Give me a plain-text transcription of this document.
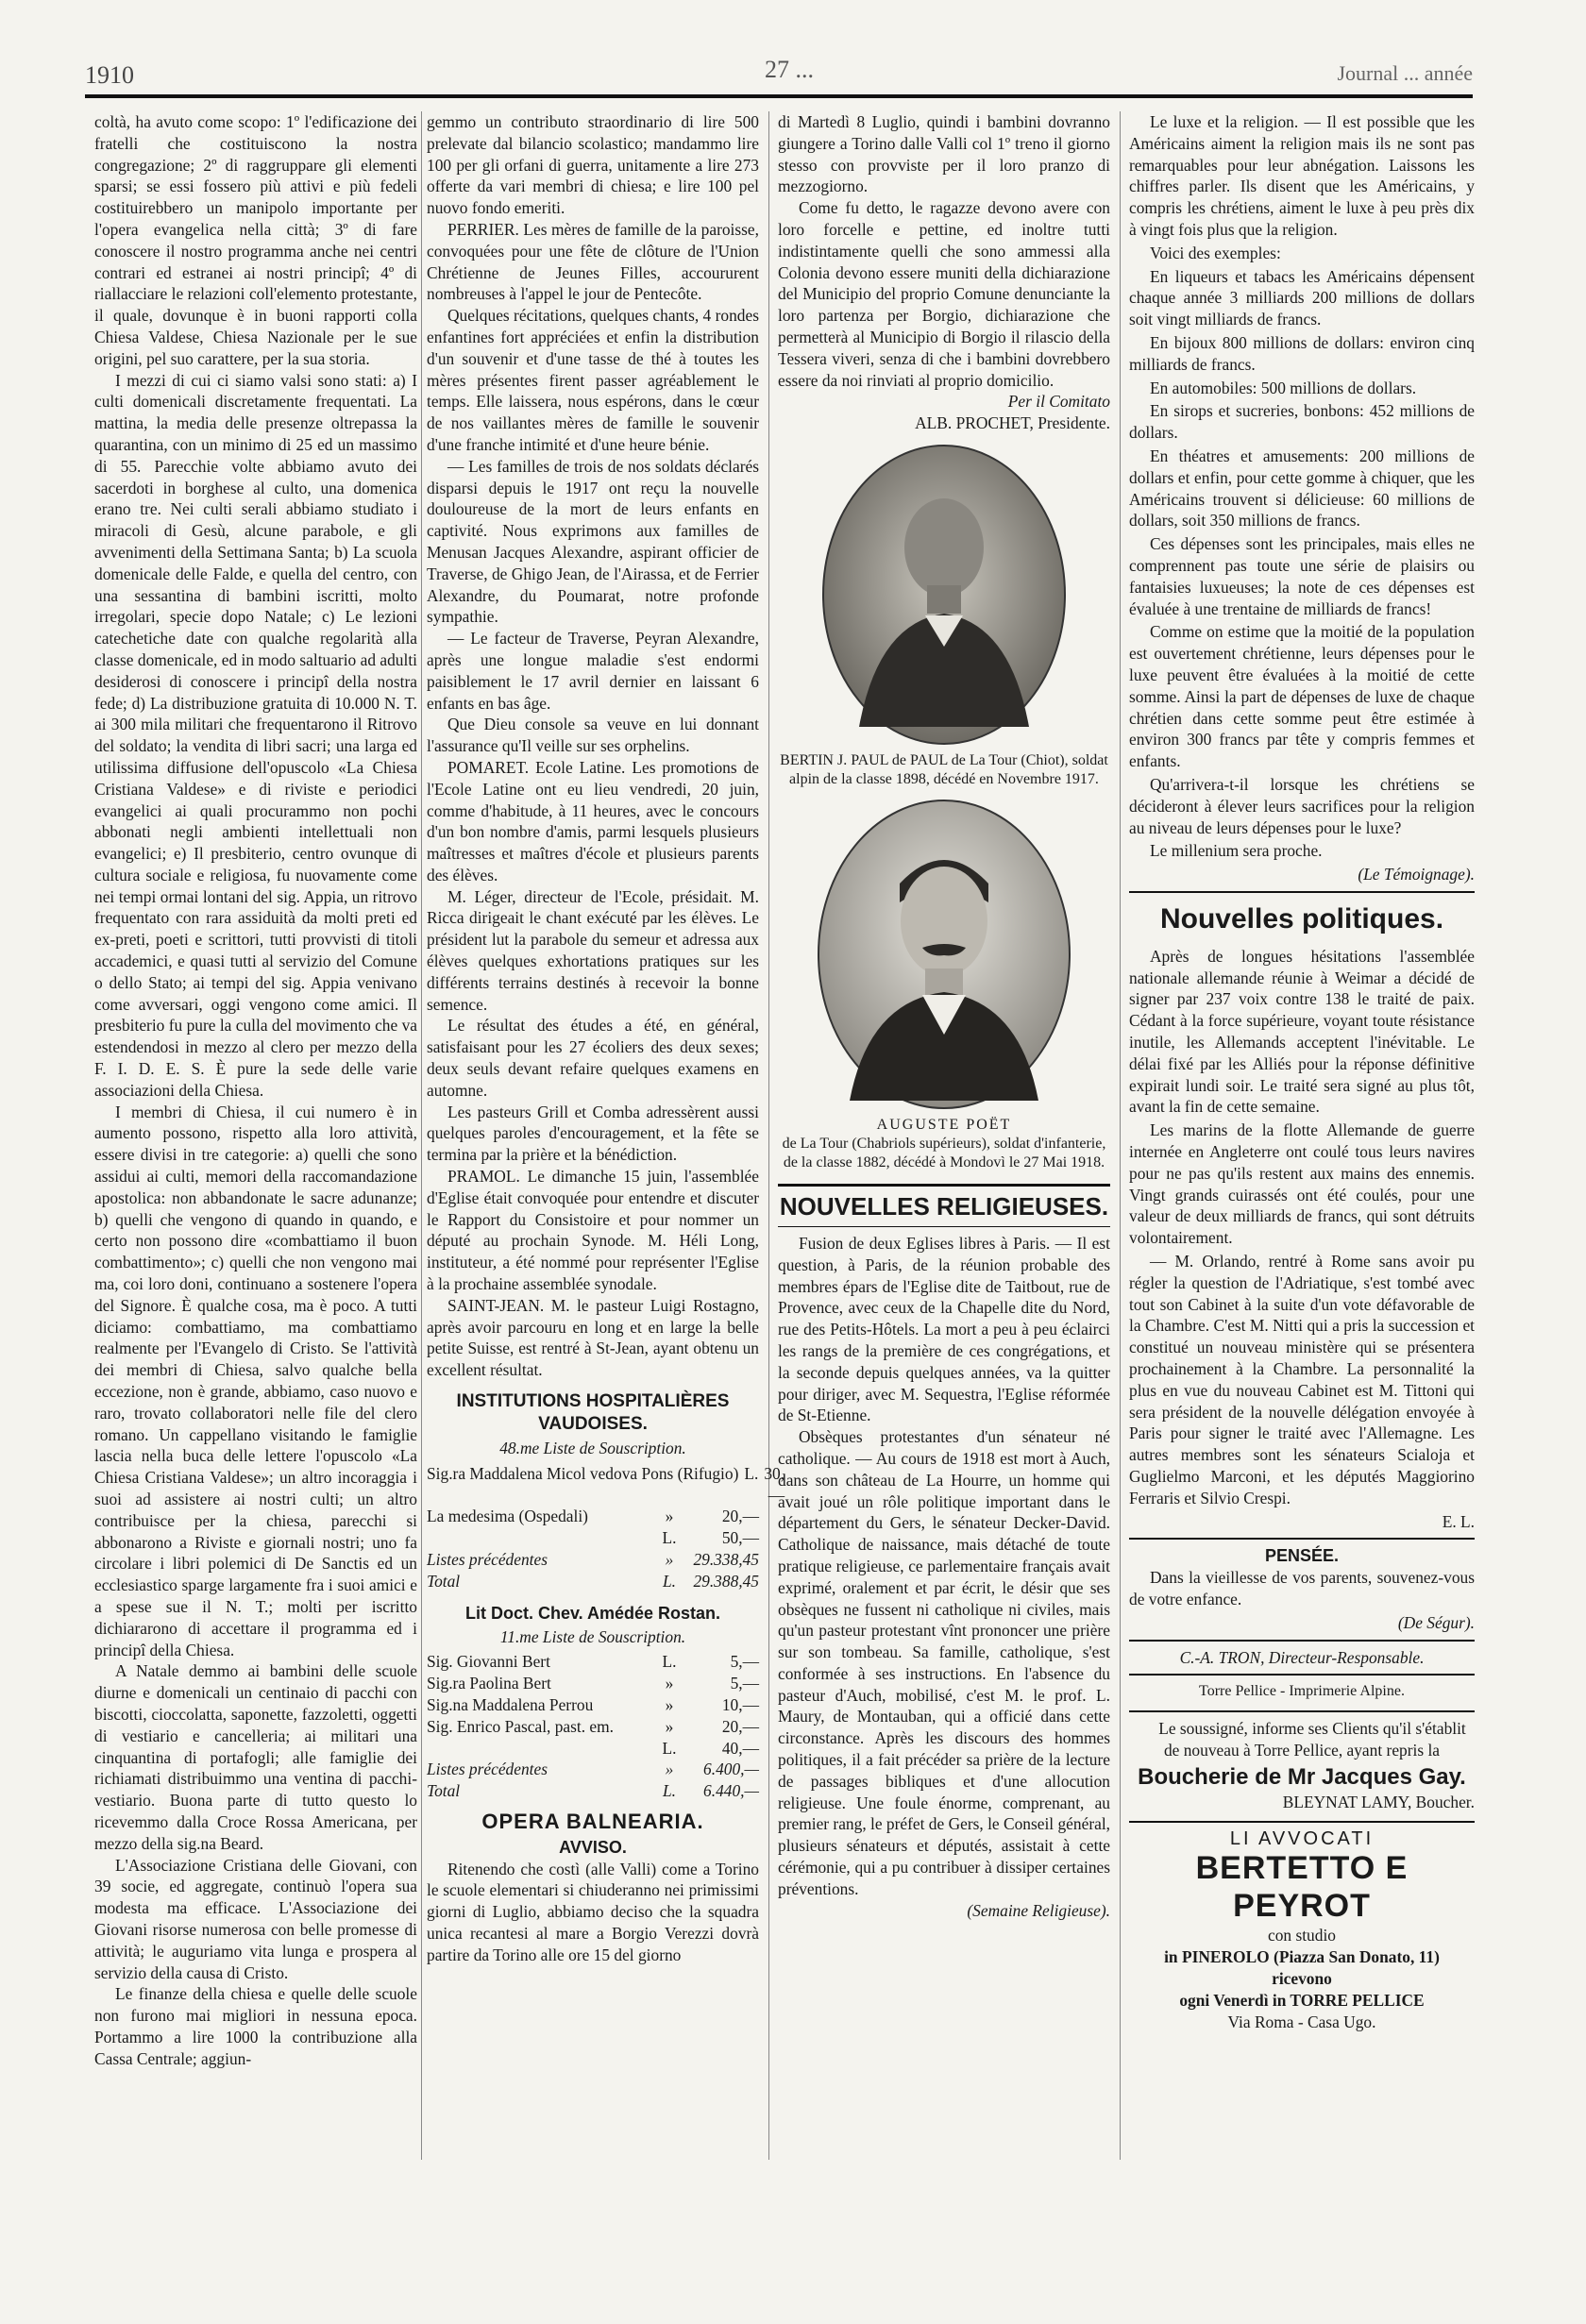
1910	27 ...	Journal ... année

coltà, ha avuto come scopo: 1º l'edificazione dei fratelli che costituiscono la nostra congregazione; 2º di raggruppare gli elementi sparsi; se essi fossero più attivi e più fedeli costituirebbero un manipolo importante per l'opera evangelica nella città; 3º di fare conoscere il nostro programma anche nei centri contrari ed estranei ai nostri principî; 4º di riallacciare le relazioni coll'elemento protestante, il quale, dovunque è in buoni rapporti colla Chiesa Valdese, Chiesa Nazionale per le sue origini, pel suo carattere, per la sua storia.

I mezzi di cui ci siamo valsi sono stati: a) I culti domenicali discretamente frequentati. La mattina, la media delle presenze oltrepassa la quarantina, con un minimo di 25 ed un massimo di 55. Parecchie volte abbiamo avuto dei sacerdoti in borghese al culto, una domenica erano tre. Nei culti serali abbiamo studiato i miracoli di Gesù, alcune parabole, e gli avvenimenti della Settimana Santa; b) La scuola domenicale delle Falde, e quella del centro, con una sessantina di bambini iscritti, molto irregolari, specie dopo Natale; c) Le lezioni catechetiche date con qualche regolarità alla classe domenicale, ed in modo saltuario ad adulti desiderosi di conoscere i principî della nostra fede; d) La distribuzione gratuita di 10.000 N. T. ai 300 mila militari che frequentarono il Ritrovo del soldato; la vendita di libri sacri; una larga ed utilissima diffusione dell'opuscolo «La Chiesa Cristiana Valdese» e di riviste e periodici evangelici ai quali procurammo non pochi abbonati negli ambienti intellettuali non evangelici; e) Il presbiterio, centro ovunque di cultura sociale e religiosa, fu nuovamente come nei tempi ormai lontani del sig. Appia, un ritrovo frequentato con rara assiduità da molti preti ed ex-preti, poeti e scrittori, tutti provvisti di titoli accademici, e quasi tutti al servizio del Comune o dello Stato; ai tempi del sig. Appia venivano come avversari, oggi vengono come amici. Il presbiterio fu pure la culla del movimento che va estendendosi in mezzo al clero per mezzo della F. I. D. E. S. È pure la sede delle varie associazioni della Chiesa.

I membri di Chiesa, il cui numero è in aumento possono, rispetto alla loro attività, essere divisi in tre categorie: a) quelli che sono assidui ai culti, memori della raccomandazione apostolica: non abbandonate le sacre adunanze; b) quelli che vengono di quando in quando, e certo non possono dire «combattiamo il buon combattimento»; c) quelli che non vengono mai ma, coi loro doni, continuano a sostenere l'opera del Signore. È qualche cosa, ma è poco. A tutti diciamo: combattiamo, ma combattiamo realmente per l'Evangelo di Cristo. Se l'attività dei membri di Chiesa, salvo qualche bella eccezione, non è grande, abbiamo, caso nuovo e raro, trovato collaboratori nelle file del clero romano. Un cappellano visitando le famiglie lascia nella buca delle lettere l'opuscolo «La Chiesa Cristiana Valdese»; un altro incoraggia i suoi ad assistere ai nostri culti; un altro contribuisce per la chiesa, parecchi si abbonarono a Riviste e giornali nostri; uno fa circolare i libri polemici di De Sanctis ed un ecclesiastico sparge largamente fra i suoi amici e a spese sue il N. T.; molti per iscritto dichiararono di accettare il programma ed i principî della Chiesa.

A Natale demmo ai bambini delle scuole diurne e domenicali un centinaio di pacchi con biscotti, cioccolatta, saponette, fazzoletti, oggetti di vestiario e cancelleria; ai militari una cinquantina di portafogli; alle famiglie dei richiamati distribuimmo una ventina di pacchi-vestiario. Buona parte di tutto questo lo ricevemmo dalla Croce Rossa Americana, per mezzo della sig.na Beard.

L'Associazione Cristiana delle Giovani, con 39 socie, ed aggregate, continuò l'opera sua modesta ma efficace. L'Associazione dei Giovani risorse numerosa con belle promesse di attività; le auguriamo vita lunga e prospera al servizio della causa di Cristo.

Le finanze della chiesa e quelle delle scuole non furono mai migliori in nessuna epoca. Portammo a lire 1000 la contribuzione alla Cassa Centrale; aggiun-

gemmo un contributo straordinario di lire 500 prelevate dal bilancio scolastico; mandammo lire 100 per gli orfani di guerra, unitamente a lire 273 offerte da vari membri di chiesa; e lire 100 pel nuovo fondo emeriti.

PERRIER. Les mères de famille de la paroisse, convoquées pour une fête de clôture de l'Union Chrétienne de Jeunes Filles, accoururent nombreuses à l'appel le jour de Pentecôte.

Quelques récitations, quelques chants, 4 rondes enfantines fort appréciées et enfin la distribution d'un souvenir et d'une tasse de thé à toutes les mères présentes firent passer agréablement le temps. Elle laissera, nous espérons, dans le cœur de nos vaillantes mères de famille le souvenir d'une franche intimité et d'une heure bénie.

— Les familles de trois de nos soldats déclarés disparsi depuis le 1917 ont reçu la nouvelle douloureuse de la mort de leurs enfants en captivité. Nous exprimons aux familles de Menusan Jacques Alexandre, aspirant officier de Traverse, de Ghigo Jean, de l'Airassa, et de Ferrier Alexandre, du Poumarat, notre profonde sympathie.

— Le facteur de Traverse, Peyran Alexandre, après une longue maladie s'est endormi paisiblement le 17 avril dernier en laissant 6 enfants en bas âge.

Que Dieu console sa veuve en lui donnant l'assurance qu'Il veille sur ses orphelins.

POMARET. Ecole Latine. Les promotions de l'Ecole Latine ont eu lieu vendredi, 20 juin, comme d'habitude, à 11 heures, avec le concours d'un bon nombre d'amis, parmi lesquels plusieurs maîtresses et maîtres d'école et plusieurs parents des élèves.

M. Léger, directeur de l'Ecole, présidait. M. Ricca dirigeait le chant exécuté par les élèves. Le président lut la parabole du semeur et adressa aux élèves quelques exhortations pratiques sur les différents terrains destinés à recevoir la bonne semence.

Le résultat des études a été, en général, satisfaisant pour les 27 écoliers des deux sexes; deux seuls devant refaire quelques examens en automne.

Les pasteurs Grill et Comba adressèrent aussi quelques paroles d'encouragement, et la fête se termina par la prière et la bénédiction.

PRAMOL. Le dimanche 15 juin, l'assemblée d'Eglise était convoquée pour entendre et discuter le Rapport du Consistoire et pour nommer un député au prochain Synode. M. Héli Long, instituteur, a été nommé pour représenter l'Eglise à la prochaine assemblée synodale.

SAINT-JEAN. M. le pasteur Luigi Rostagno, après avoir parcouru en long et en large la belle petite Suisse, est rentré à St-Jean, ayant obtenu un excellent résultat.

INSTITUTIONS HOSPITALIÈRES VAUDOISES.
48.me Liste de Souscription.
Sig.ra Maddalena Micol vedova Pons (Rifugio) L. 30,—
La medesima (Ospedali)	»	20,—
L.	50,—
Listes précédentes	»	29.338,45
Total	L.	29.388,45
Lit Doct. Chev. Amédée Rostan.
11.me Liste de Souscription.
Sig. Giovanni Bert	L.	5,—
Sig.ra Paolina Bert	»	5,—
Sig.na Maddalena Perrou	»	10,—
Sig. Enrico Pascal, past. em.	»	20,—
L.	40,—
Listes précédentes	»	6.400,—
Total	L.	6.440,—
OPERA BALNEARIA.
AVVISO.

Ritenendo che costì (alle Valli) come a Torino le scuole elementari si chiuderanno nei primissimi giorni di Luglio, abbiamo deciso che la squadra unica recantesi al mare a Borgio Verezzi dovrà partire da Torino alle ore 15 del giorno

di Martedì 8 Luglio, quindi i bambini dovranno giungere a Torino dalle Valli col 1º treno il giorno stesso con provviste per il loro pranzo di mezzogiorno.

Come fu detto, le ragazze devono avere con loro forcelle e pettine, ed inoltre tutti indistintamente quelli che sono ammessi alla Colonia devono essere muniti della dichiarazione del Municipio del proprio Comune denunciante la loro partenza per Borgio, dichiarazione che permetterà al Municipio di Borgio il rilascio della Tessera viveri, senza di che i bambini dovrebbero essere da noi rinviati al proprio domicilio.

Per il Comitato
ALB. PROCHET, Presidente.
BERTIN J. PAUL de PAUL de La Tour (Chiot), soldat alpin de la classe 1898, décédé en Novembre 1917.
AUGUSTE POËT
de La Tour (Chabriols supérieurs), soldat d'infanterie, de la classe 1882, décédé à Mondovì le 27 Mai 1918.
NOUVELLES RELIGIEUSES.

Fusion de deux Eglises libres à Paris. — Il est question, à Paris, de la réunion probable des membres épars de l'Eglise dite de Taitbout, rue de Provence, avec ceux de la Chapelle dite du Nord, rue des Petits-Hôtels. La mort a peu à peu éclairci les rangs de la première de ces congrégations, et la seconde depuis quelques années, va la quitter pour diriger, avec M. Sequestra, l'Eglise réformée de St-Etienne.

Obsèques protestantes d'un sénateur né catholique. — Au cours de 1918 est mort à Auch, dans son château de La Hourre, un homme qui avait joué un rôle politique important dans le département du Gers, le sénateur Decker-David. Catholique de naissance, mais détaché de toute pratique religieuse, ce parlementaire français avait exprimé, oralement et par écrit, le désir que ses obsèques ne fussent ni catholique ni civiles, mais qu'un pasteur protestant vînt prononcer une prière sur son tombeau. Sa famille, catholique, s'est conformée à ses instructions. En l'absence du pasteur d'Auch, mobilisé, c'est M. le prof. L. Maury, de Montauban, qui a officié dans cette circonstance. Après les discours des hommes politiques, il a fait précéder sa prière de la lecture de passages bibliques et d'une allocution religieuse. Une foule énorme, comprenant, au premier rang, le préfet de Gers, le Conseil général, plusieurs sénateurs et députés, assistait à cette cérémonie, qui a pu contribuer à dissiper certaines préventions.

(Semaine Religieuse).

Le luxe et la religion. — Il est possible que les Américains aiment la religion mais ils ne sont pas remarquables pour leur abnégation. Laissons les chiffres parler. Ils disent que les Américains, y compris les chrétiens, aiment le luxe à peu près dix à vingt fois plus que la religion.

Voici des exemples:

En liqueurs et tabacs les Américains dépensent chaque année 3 milliards 200 millions de dollars soit vingt milliards de francs.

En bijoux 800 millions de dollars: environ cinq milliards de francs.

En automobiles: 500 millions de dollars.

En sirops et sucreries, bonbons: 452 millions de dollars.

En théatres et amusements: 200 millions de dollars et enfin, pour cette gomme à chiquer, que les Américains trouvent si délicieuse: 60 millions de dollars, soit 350 millions de francs.

Ces dépenses sont les principales, mais elles ne comprennent pas toute une série de plaisirs ou fantaisies luxueuses; la note de ces dépenses est évaluée à une trentaine de milliards de francs!

Comme on estime que la moitié de la population est ouvertement chrétienne, leurs dépenses pour le luxe peuvent être évaluées à la moitié de cette somme. Ainsi la part de dépenses de luxe de chaque chrétien dans cette somme peut être estimée à environ 300 francs par tête y compris femmes et enfants.

Qu'arrivera-t-il lorsque les chrétiens se décideront à élever leurs sacrifices pour la religion au niveau de leurs dépenses pour le luxe?

Le millenium sera proche.

(Le Témoignage).
Nouvelles politiques.

Après de longues hésitations l'assemblée nationale allemande réunie à Weimar a décidé de signer par 237 voix contre 138 le traité de paix. Cédant à la force supérieure, voyant toute résistance inutile, les Allemands acceptent l'inévitable. Le délai fixé par les Alliés pour la réponse définitive expirait lundi soir. Le traité sera signé au plus tôt, avant la fin de cette semaine.

Les marins de la flotte Allemande de guerre internée en Angleterre ont coulé tous leurs navires pour ne pas qu'ils restent aux mains des ennemis. Vingt grands cuirassés ont été coulés, pour une valeur de deux milliards de francs, qui sont détruits volontairement.

— M. Orlando, rentré à Rome sans avoir pu régler la question de l'Adriatique, s'est tombé avec tout son Cabinet à la suite d'un vote défavorable de la Chambre. C'est M. Nitti qui a pris la succession et constitué un nouveau ministère qui se présentera prochainement à la Chambre. La personnalité la plus en vue du nouveau Cabinet est M. Tittoni qui sera président de la nouvelle délégation envoyée à Paris pour signer le traité avec l'Allemagne. Les autres membres sont les sénateurs Scialoja et Guglielmo Marconi, et les députés Maggiorino Ferraris et Silvio Crespi.

E. L.
PENSÉE.

Dans la vieillesse de vos parents, souvenez-vous de votre enfance.

(De Ségur).
C.-A. TRON, Directeur-Responsable.
Torre Pellice - Imprimerie Alpine.

Le soussigné, informe ses Clients qu'il s'établit de nouveau à Torre Pellice, ayant repris la

Boucherie de Mr Jacques Gay.
BLEYNAT LAMY, Boucher.
LI AVVOCATI
BERTETTO E PEYROT
con studio
in PINEROLO (Piazza San Donato, 11)
ricevono
ogni Venerdì in TORRE PELLICE
Via Roma - Casa Ugo.
